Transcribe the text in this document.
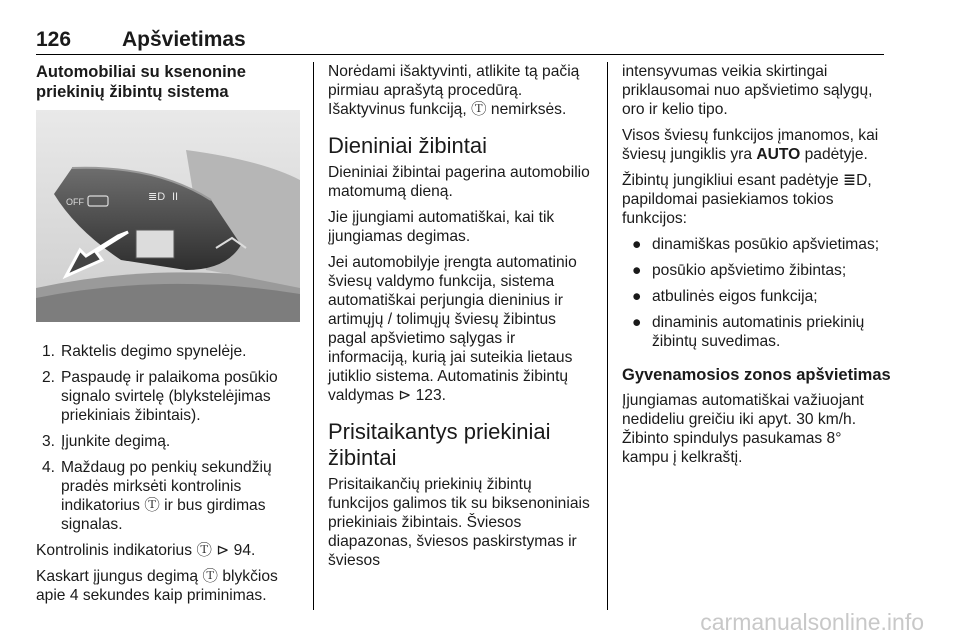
126 Apšvietimas
Automobiliai su ksenonine priekinių žibintų sistema
OFF	≣D II
1. Raktelis degimo spynelėje.
2. Paspaudę ir palaikoma posūkio signalo svirtelę (blykstelėjimas priekiniais žibintais).
3. Įjunkite degimą.
4. Maždaug po penkių sekundžių pradės mirksėti kontrolinis indikatorius Ⓣ ir bus girdimas signalas.

Kontrolinis indikatorius Ⓣ ⊳ 94.

Kaskart įjungus degimą Ⓣ blykčios apie 4 sekundes kaip priminimas.

Norėdami išaktyvinti, atlikite tą pačią pirmiau aprašytą procedūrą.

Išaktyvinus funkciją, Ⓣ nemirksės.

Dieniniai žibintai

Dieniniai žibintai pagerina automobilio matomumą dieną.

Jie įjungiami automatiškai, kai tik įjungiamas degimas.

Jei automobilyje įrengta automatinio šviesų valdymo funkcija, sistema automatiškai perjungia dieninius ir artimųjų / tolimųjų šviesų žibintus pagal apšvietimo sąlygas ir informaciją, kurią jai suteikia lietaus jutiklio sistema. Automatinis žibintų valdymas ⊳ 123.

Prisitaikantys priekiniai žibintai

Prisitaikančių priekinių žibintų funkcijos galimos tik su biksenoniniais priekiniais žibintais. Šviesos diapazonas, šviesos paskirstymas ir šviesos

intensyvumas veikia skirtingai priklausomai nuo apšvietimo sąlygų, oro ir kelio tipo.

Visos šviesų funkcijos įmanomos, kai šviesų jungiklis yra AUTO padėtyje.

Žibintų jungikliui esant padėtyje ≣D, papildomai pasiekiamos tokios funkcijos:

● dinamiškas posūkio apšvietimas;
● posūkio apšvietimo žibintas;
● atbulinės eigos funkcija;
● dinaminis automatinis priekinių žibintų suvedimas.
Gyvenamosios zonos apšvietimas

Įjungiamas automatiškai važiuojant nedideliu greičiu iki apyt. 30 km/h. Žibinto spindulys pasukamas 8° kampu į kelkraštį.

carmanualsonline.info
